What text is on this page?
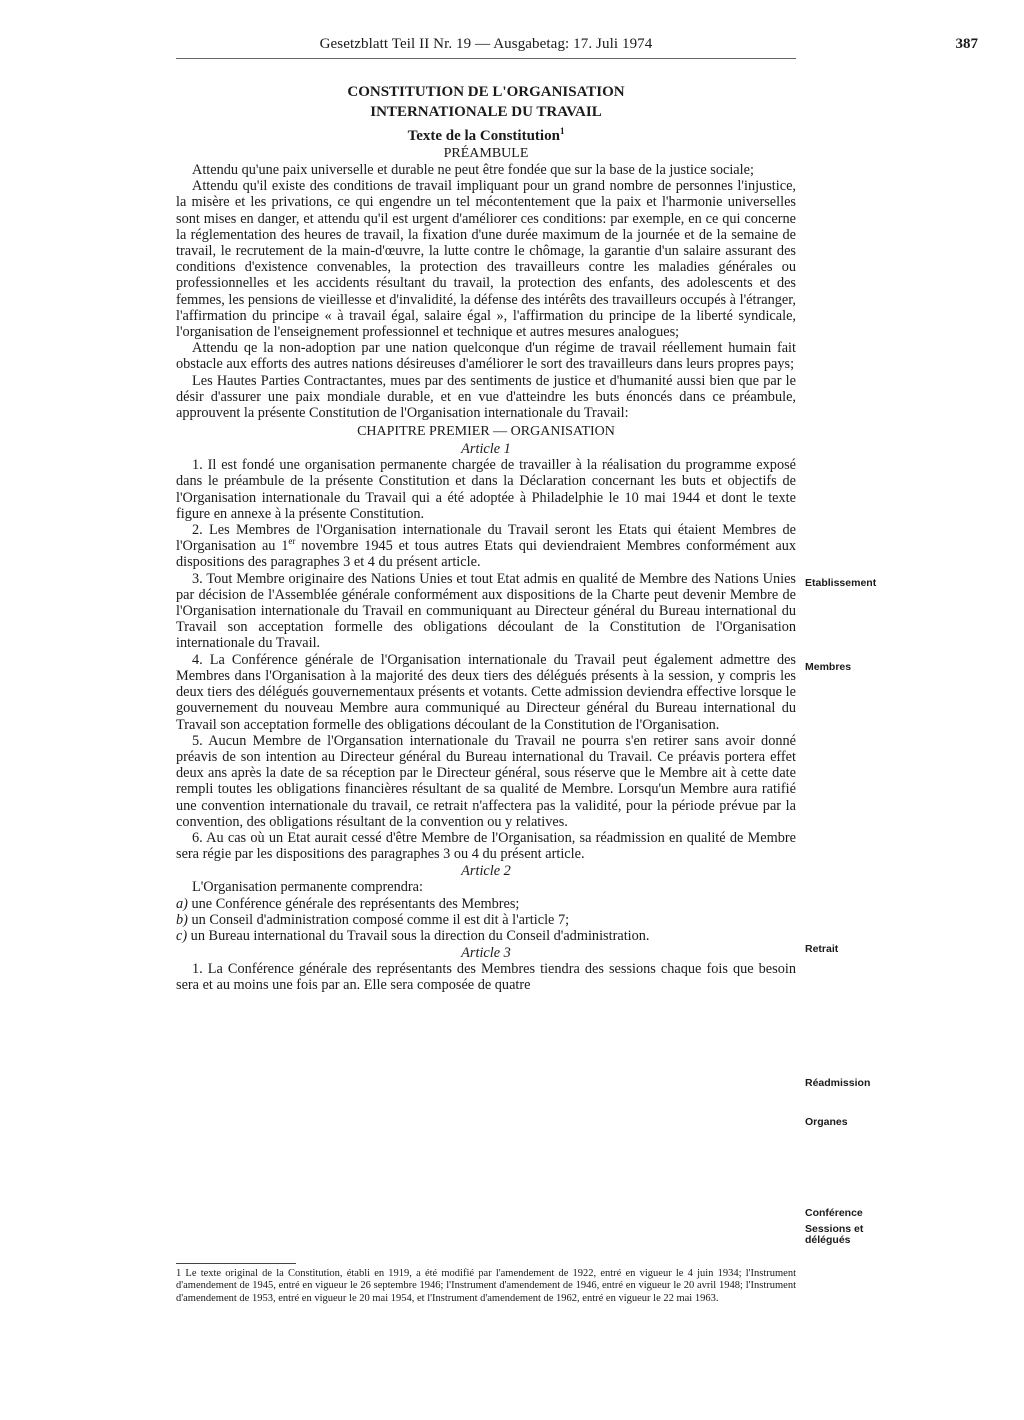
Gesetzblatt Teil II Nr. 19 — Ausgabetag: 17. Juli 1974	387
CONSTITUTION DE L'ORGANISATION
INTERNATIONALE DU TRAVAIL
Texte de la Constitution$^1$
PRÉAMBULE

Attendu qu'une paix universelle et durable ne peut être fondée que sur la base de la justice sociale;

Attendu qu'il existe des conditions de travail impliquant pour un grand nombre de personnes l'injustice, la misère et les privations, ce qui engendre un tel mécontentement que la paix et l'harmonie universelles sont mises en danger, et attendu qu'il est urgent d'améliorer ces conditions: par exemple, en ce qui concerne la réglementation des heures de travail, la fixation d'une durée maximum de la journée et de la semaine de travail, le recrutement de la main-d'œuvre, la lutte contre le chômage, la garantie d'un salaire assurant des conditions d'existence convenables, la protection des travailleurs contre les maladies générales ou professionnelles et les accidents résultant du travail, la protection des enfants, des adolescents et des femmes, les pensions de vieillesse et d'invalidité, la défense des intérêts des travailleurs occupés à l'étranger, l'affirmation du principe « à travail égal, salaire égal », l'affirmation du principe de la liberté syndicale, l'organisation de l'enseignement professionnel et technique et autres mesures analogues;

Attendu qe la non-adoption par une nation quelconque d'un régime de travail réellement humain fait obstacle aux efforts des autres nations désireuses d'améliorer le sort des travailleurs dans leurs propres pays;

Les Hautes Parties Contractantes, mues par des sentiments de justice et d'humanité aussi bien que par le désir d'assurer une paix mondiale durable, et en vue d'atteindre les buts énoncés dans ce préambule, approuvent la présente Constitution de l'Organisation internationale du Travail:

CHAPITRE PREMIER — ORGANISATION
Article 1

1. Il est fondé une organisation permanente chargée de travailler à la réalisation du programme exposé dans le préambule de la présente Constitution et dans la Déclaration concernant les buts et objectifs de l'Organisation internationale du Travail qui a été adoptée à Philadelphie le 10 mai 1944 et dont le texte figure en annexe à la présente Constitution.

2. Les Membres de l'Organisation internationale du Travail seront les Etats qui étaient Membres de l'Organisation au 1er novembre 1945 et tous autres Etats qui deviendraient Membres conformément aux dispositions des paragraphes 3 et 4 du présent article.

3. Tout Membre originaire des Nations Unies et tout Etat admis en qualité de Membre des Nations Unies par décision de l'Assemblée générale conformément aux dispositions de la Charte peut devenir Membre de l'Organisation internationale du Travail en communiquant au Directeur général du Bureau international du Travail son acceptation formelle des obligations découlant de la Constitution de l'Organisation internationale du Travail.

4. La Conférence générale de l'Organisation internationale du Travail peut également admettre des Membres dans l'Organisation à la majorité des deux tiers des délégués présents à la session, y compris les deux tiers des délégués gouvernementaux présents et votants. Cette admission deviendra effective lorsque le gouvernement du nouveau Membre aura communiqué au Directeur général du Bureau international du Travail son acceptation formelle des obligations découlant de la Constitution de l'Organisation.

5. Aucun Membre de l'Organsation internationale du Travail ne pourra s'en retirer sans avoir donné préavis de son intention au Directeur général du Bureau international du Travail. Ce préavis portera effet deux ans après la date de sa réception par le Directeur général, sous réserve que le Membre ait à cette date rempli toutes les obligations financières résultant de sa qualité de Membre. Lorsqu'un Membre aura ratifié une convention internationale du travail, ce retrait n'affectera pas la validité, pour la période prévue par la convention, des obligations résultant de la convention ou y relatives.

6. Au cas où un Etat aurait cessé d'être Membre de l'Organisation, sa réadmission en qualité de Membre sera régie par les dispositions des paragraphes 3 ou 4 du présent article.

Article 2

L'Organisation permanente comprendra:

a) une Conférence générale des représentants des Membres;

b) un Conseil d'administration composé comme il est dit à l'article 7;

c) un Bureau international du Travail sous la direction du Conseil d'administration.

Article 3

1. La Conférence générale des représentants des Membres tiendra des sessions chaque fois que besoin sera et au moins une fois par an. Elle sera composée de quatre

Etablissement
Membres
Retrait
Réadmission
Organes
Conférence
Sessions et
délégués
1 Le texte original de la Constitution, établi en 1919, a été modifié par l'amendement de 1922, entré en vigueur le 4 juin 1934; l'Instrument d'amendement de 1945, entré en vigueur le 26 septembre 1946; l'Instrument d'amendement de 1946, entré en vigueur le 20 avril 1948; l'Instrument d'amendement de 1953, entré en vigueur le 20 mai 1954, et l'Instrument d'amendement de 1962, entré en vigueur le 22 mai 1963.
